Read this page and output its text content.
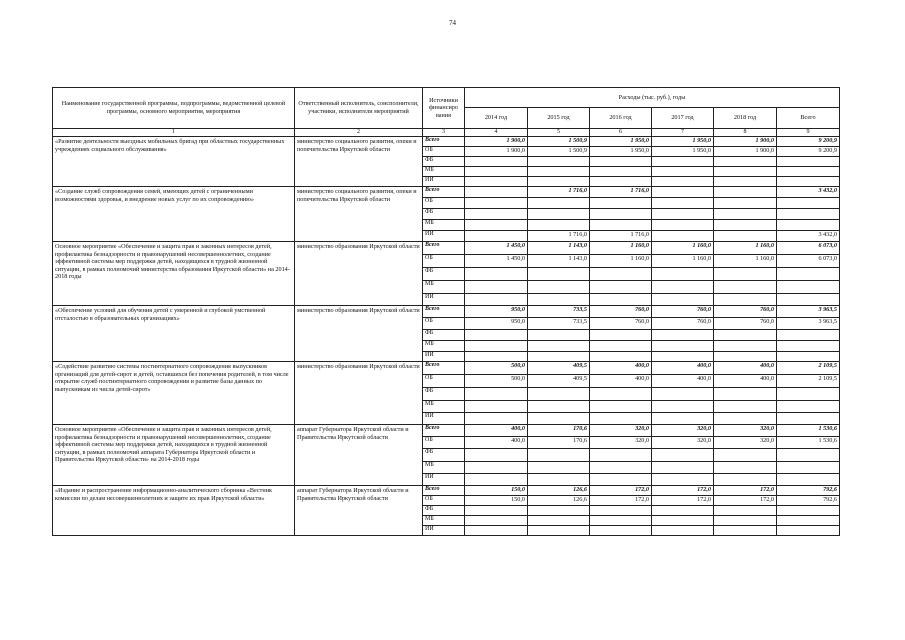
74
Наименование государственной программы, подпрограммы, ведомственной целевой программы, основного мероприятия, мероприятия	Ответственный исполнитель, соисполнители, участники, исполнители мероприятий	Источники финансиро вания	Расходы (тыс. руб.), годы					
			2014 год	2015 год	2016 год	2017 год	2018 год	Всего
1	2	3	4	5	6	7	8	9
«Развитие деятельности выездных мобильных бригад при областных государственных учреждениях социального обслуживания»	министерство социального развития, опеки и попечительства Иркутской области	Всего	1 900,0	1 500,9	1 950,0	1 950,0	1 900,0	9 200,9
		ОБ	1 900,0	1 500,9	1 950,0	1 950,0	1 900,0	9 200,9
		ФБ						
		МБ						
		ИИ						
«Создание служб сопровождения семей, имеющих детей с ограниченными возможностями здоровья, и внедрение новых услуг по их сопровождению»	министерство социального развития, опеки и попечительства Иркутской области	Всего		1 716,0	1 716,0			3 432,0
		ОБ						
		ФБ						
		МБ						
		ИИ		1 716,0	1 716,0			3 432,0
Основное мероприятие «Обеспечение и защита прав и законных интересов детей, профилактика безнадзорности и правонарушений несовершеннолетних, создание эффективной системы мер поддержки детей, находящихся в трудной жизненной ситуации, в рамках полномочий министерства образования Иркутской области» на 2014-2018 годы	министерство образования Иркутской области	Всего	1 450,0	1 143,0	1 160,0	1 160,0	1 160,0	6 073,0
		ОБ	1 450,0	1 143,0	1 160,0	1 160,0	1 160,0	6 073,0
		ФБ						
		МБ						
		ИИ						
«Обеспечение условий для обучения детей с умеренной и глубокой умственной отсталостью в образовательных организациях»	министерство образования Иркутской области	Всего	950,0	733,5	760,0	760,0	760,0	3 963,5
		ОБ	950,0	733,5	760,0	760,0	760,0	3 963,5
		ФБ						
		МБ						
		ИИ						
«Содействие развитию системы постинтернатного сопровождения выпускников организаций для детей-сирот и детей, оставшихся без попечения родителей, в том числе открытие служб постинтернатного сопровождения и развитие базы данных по выпускникам из числа детей-сирот»	министерство образования Иркутской области	Всего	500,0	409,5	400,0	400,0	400,0	2 109,5
		ОБ	500,0	409,5	400,0	400,0	400,0	2 109,5
		ФБ						
		МБ						
		ИИ						
Основное мероприятие «Обеспечение и защита прав и законных интересов детей, профилактика безнадзорности и правонарушений несовершеннолетних, создание эффективной системы мер поддержки детей, находящихся в трудной жизненной ситуации, в рамках полномочий аппарата Губернатора Иркутской области и Правительства Иркутской области» на 2014-2018 годы	аппарат Губернатора Иркутской области и Правительства Иркутской области	Всего	400,0	170,6	320,0	320,0	320,0	1 530,6
		ОБ	400,0	170,6	320,0	320,0	320,0	1 530,6
		ФБ						
		МБ						
		ИИ						
«Издание и распространение информационно-аналитического сборника «Вестник комиссии по делам несовершеннолетних и защите их прав Иркутской области»	аппарат Губернатора Иркутской области и Правительства Иркутской области	Всего	150,0	126,6	172,0	172,0	172,0	792,6
		ОБ	150,0	126,6	172,0	172,0	172,0	792,6
		ФБ						
		МБ						
		ИИ						
